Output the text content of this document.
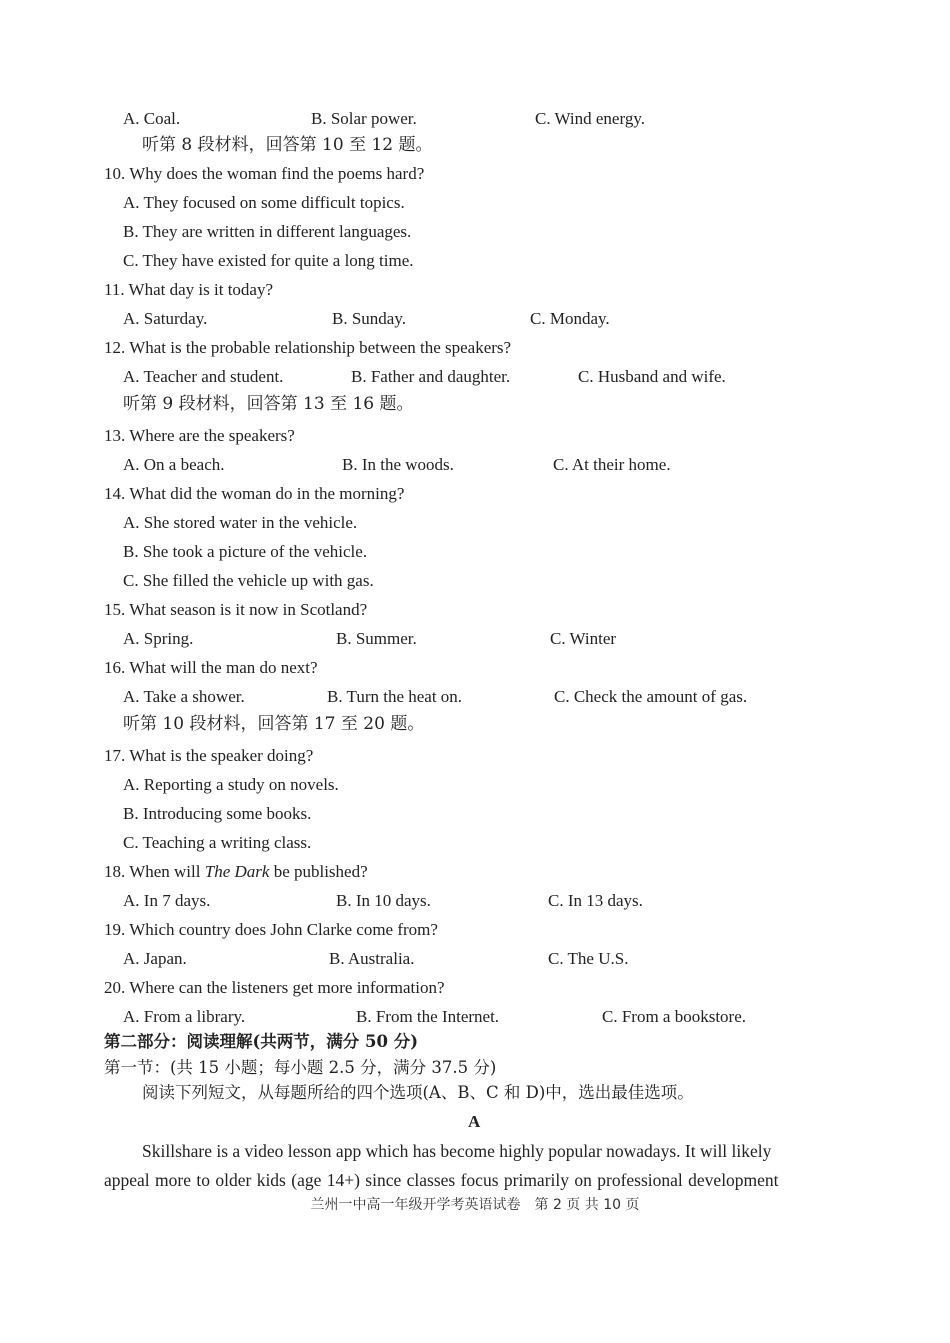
A. Coal.	B. Solar power.	C. Wind energy.
听第 8 段材料，回答第 10 至 12 题。
10. Why does the woman find the poems hard?
A. They focused on some difficult topics.
B. They are written in different languages.
C. They have existed for quite a long time.
11. What day is it today?
A. Saturday.	B. Sunday.	C. Monday.
12. What is the probable relationship between the speakers?
A. Teacher and student.	B. Father and daughter.	C. Husband and wife.
听第 9 段材料，回答第 13 至 16 题。
13. Where are the speakers?
A. On a beach.	B. In the woods.	C. At their home.
14. What did the woman do in the morning?
A. She stored water in the vehicle.
B. She took a picture of the vehicle.
C. She filled the vehicle up with gas.
15. What season is it now in Scotland?
A. Spring.	B. Summer.	C. Winter
16. What will the man do next?
A. Take a shower.	B. Turn the heat on.	C. Check the amount of gas.
听第 10 段材料，回答第 17 至 20 题。
17. What is the speaker doing?
A. Reporting a study on novels.
B. Introducing some books.
C. Teaching a writing class.
18. When will The Dark be published?
A. In 7 days.	B. In 10 days.	C. In 13 days.
19. Which country does John Clarke come from?
A. Japan.	B. Australia.	C. The U.S.
20. Where can the listeners get more information?
A. From a library.	B. From the Internet.	C. From a bookstore.
第二部分：阅读理解(共两节，满分 50 分)
第一节：(共 15 小题；每小题 2.5 分，满分 37.5 分)
阅读下列短文，从每题所给的四个选项(A、B、C 和 D)中，选出最佳选项。
A
Skillshare is a video lesson app which has become highly popular nowadays. It will likely
appeal more to older kids (age 14+) since classes focus primarily on professional development
兰州一中高一年级开学考英语试卷　第 2 页 共 10 页
